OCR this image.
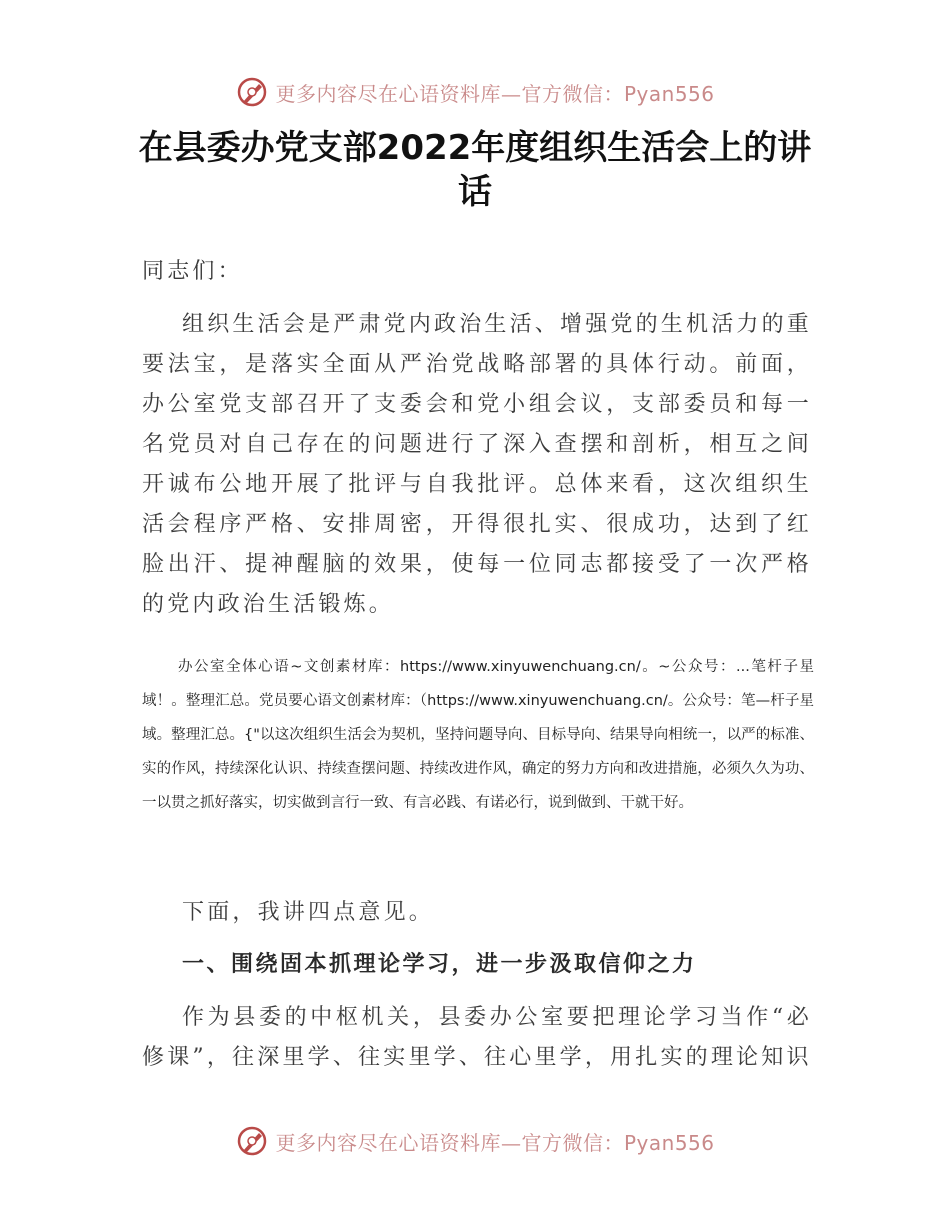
更多内容尽在心语资料库—官方微信：Pyan556
在县委办党支部2022年度组织生活会上的讲话

同志们：

组织生活会是严肃党内政治生活、增强党的生机活力的重要法宝，是落实全面从严治党战略部署的具体行动。前面，办公室党支部召开了支委会和党小组会议，支部委员和每一名党员对自己存在的问题进行了深入查摆和剖析，相互之间开诚布公地开展了批评与自我批评。总体来看，这次组织生活会程序严格、安排周密，开得很扎实、很成功，达到了红脸出汗、提神醒脑的效果，使每一位同志都接受了一次严格的党内政治生活锻炼。

办公室全体心语~文创素材库：https://www.xinyuwenchuang.cn/。~公众号：...笔杆子星域！。整理汇总。党员要心语文创素材库：（https://www.xinyuwenchuang.cn/。公众号：笔—杆子星域。整理汇总。{"以这次组织生活会为契机，坚持问题导向、目标导向、结果导向相统一，以严的标准、实的作风，持续深化认识、持续查摆问题、持续改进作风，确定的努力方向和改进措施，必须久久为功、一以贯之抓好落实，切实做到言行一致、有言必践、有诺必行，说到做到、干就干好。

下面，我讲四点意见。

一、围绕固本抓理论学习，进一步汲取信仰之力

作为县委的中枢机关，县委办公室要把理论学习当作“必修课”，往深里学、往实里学、往心里学，用扎实的理论知识

更多内容尽在心语资料库—官方微信：Pyan556
